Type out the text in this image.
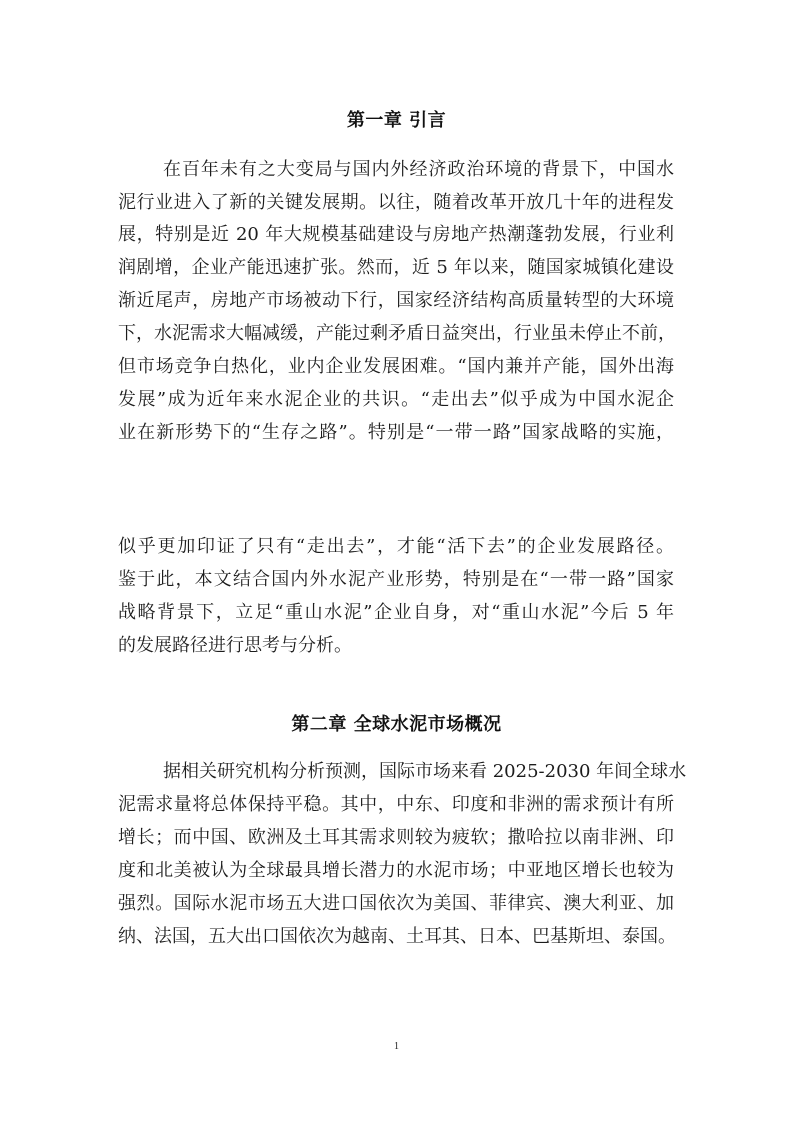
第一章 引言
在百年未有之大变局与国内外经济政治环境的背景下，中国水
泥行业进入了新的关键发展期。以往，随着改革开放几十年的进程发
展，特别是近 20 年大规模基础建设与房地产热潮蓬勃发展，行业利
润剧增，企业产能迅速扩张。然而，近 5 年以来，随国家城镇化建设
渐近尾声，房地产市场被动下行，国家经济结构高质量转型的大环境
下，水泥需求大幅减缓，产能过剩矛盾日益突出，行业虽未停止不前，
但市场竞争白热化，业内企业发展困难。“国内兼并产能，国外出海
发展”成为近年来水泥企业的共识。“走出去”似乎成为中国水泥企
业在新形势下的“生存之路”。特别是“一带一路”国家战略的实施，
似乎更加印证了只有“走出去”，才能“活下去”的企业发展路径。
鉴于此，本文结合国内外水泥产业形势，特别是在“一带一路”国家
战略背景下，立足“重山水泥”企业自身，对“重山水泥”今后 5 年
的发展路径进行思考与分析。
第二章 全球水泥市场概况
据相关研究机构分析预测，国际市场来看 2025-2030 年间全球水
泥需求量将总体保持平稳。其中，中东、印度和非洲的需求预计有所
增长；而中国、欧洲及土耳其需求则较为疲软；撒哈拉以南非洲、印
度和北美被认为全球最具增长潜力的水泥市场；中亚地区增长也较为
强烈。国际水泥市场五大进口国依次为美国、菲律宾、澳大利亚、加
纳、法国，五大出口国依次为越南、土耳其、日本、巴基斯坦、泰国。
1
